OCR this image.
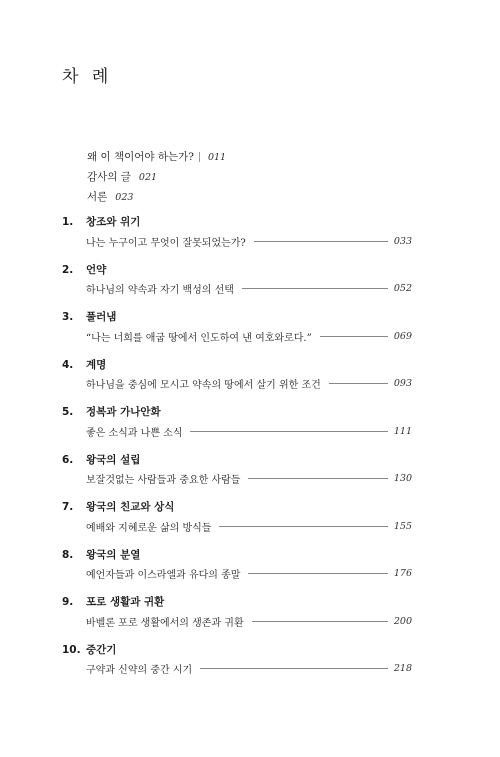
차 례
왜 이 책이어야 하는가? 011
감사의 글 021
서론 023
1.	창조와 위기
나는 누구이고 무엇이 잘못되었는가?	033
2.	언약
하나님의 약속과 자기 백성의 선택	052
3.	풀러냄
“나는 너희를 애굽 땅에서 인도하여 낸 여호와로다.”	069
4.	계명
하나님을 중심에 모시고 약속의 땅에서 살기 위한 조건	093
5.	정복과 가나안화
좋은 소식과 나쁜 소식	111
6.	왕국의 설립
보잘것없는 사람들과 중요한 사람들	130
7.	왕국의 친교와 상식
예배와 지혜로운 삶의 방식들	155
8.	왕국의 분열
예언자들과 이스라엘과 유다의 종말	176
9.	포로 생활과 귀환
바벨론 포로 생활에서의 생존과 귀환	200
10. 중간기
구약과 신약의 중간 시기	218
